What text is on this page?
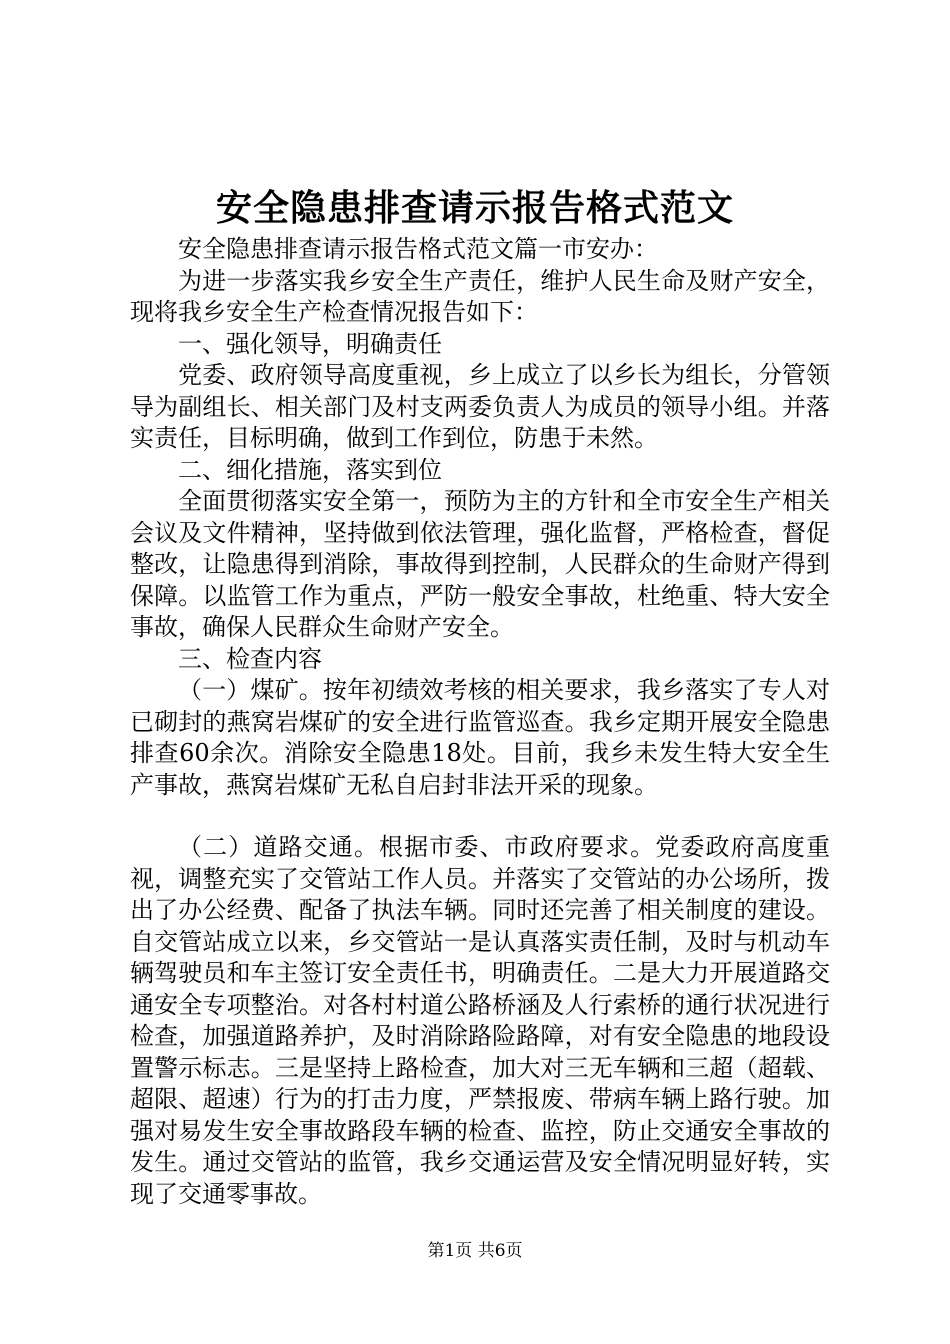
安全隐患排查请示报告格式范文

安全隐患排查请示报告格式范文篇一市安办：

为进一步落实我乡安全生产责任，维护人民生命及财产安全，现将我乡安全生产检查情况报告如下：

一、强化领导，明确责任

党委、政府领导高度重视，乡上成立了以乡长为组长，分管领导为副组长、相关部门及村支两委负责人为成员的领导小组。并落实责任，目标明确，做到工作到位，防患于未然。

二、细化措施，落实到位

全面贯彻落实安全第一，预防为主的方针和全市安全生产相关会议及文件精神，坚持做到依法管理，强化监督，严格检查，督促整改，让隐患得到消除，事故得到控制，人民群众的生命财产得到保障。以监管工作为重点，严防一般安全事故，杜绝重、特大安全事故，确保人民群众生命财产安全。

三、检查内容

（一）煤矿。按年初绩效考核的相关要求，我乡落实了专人对已砌封的燕窝岩煤矿的安全进行监管巡查。我乡定期开展安全隐患排查60余次。消除安全隐患18处。目前，我乡未发生特大安全生产事故，燕窝岩煤矿无私自启封非法开采的现象。

（二）道路交通。根据市委、市政府要求。党委政府高度重视，调整充实了交管站工作人员。并落实了交管站的办公场所，拨出了办公经费、配备了执法车辆。同时还完善了相关制度的建设。自交管站成立以来，乡交管站一是认真落实责任制，及时与机动车辆驾驶员和车主签订安全责任书，明确责任。二是大力开展道路交通安全专项整治。对各村村道公路桥涵及人行索桥的通行状况进行检查，加强道路养护，及时消除路险路障，对有安全隐患的地段设置警示标志。三是坚持上路检查，加大对三无车辆和三超（超载、超限、超速）行为的打击力度，严禁报废、带病车辆上路行驶。加强对易发生安全事故路段车辆的检查、监控，防止交通安全事故的发生。通过交管站的监管，我乡交通运营及安全情况明显好转，实现了交通零事故。

第1页 共6页
